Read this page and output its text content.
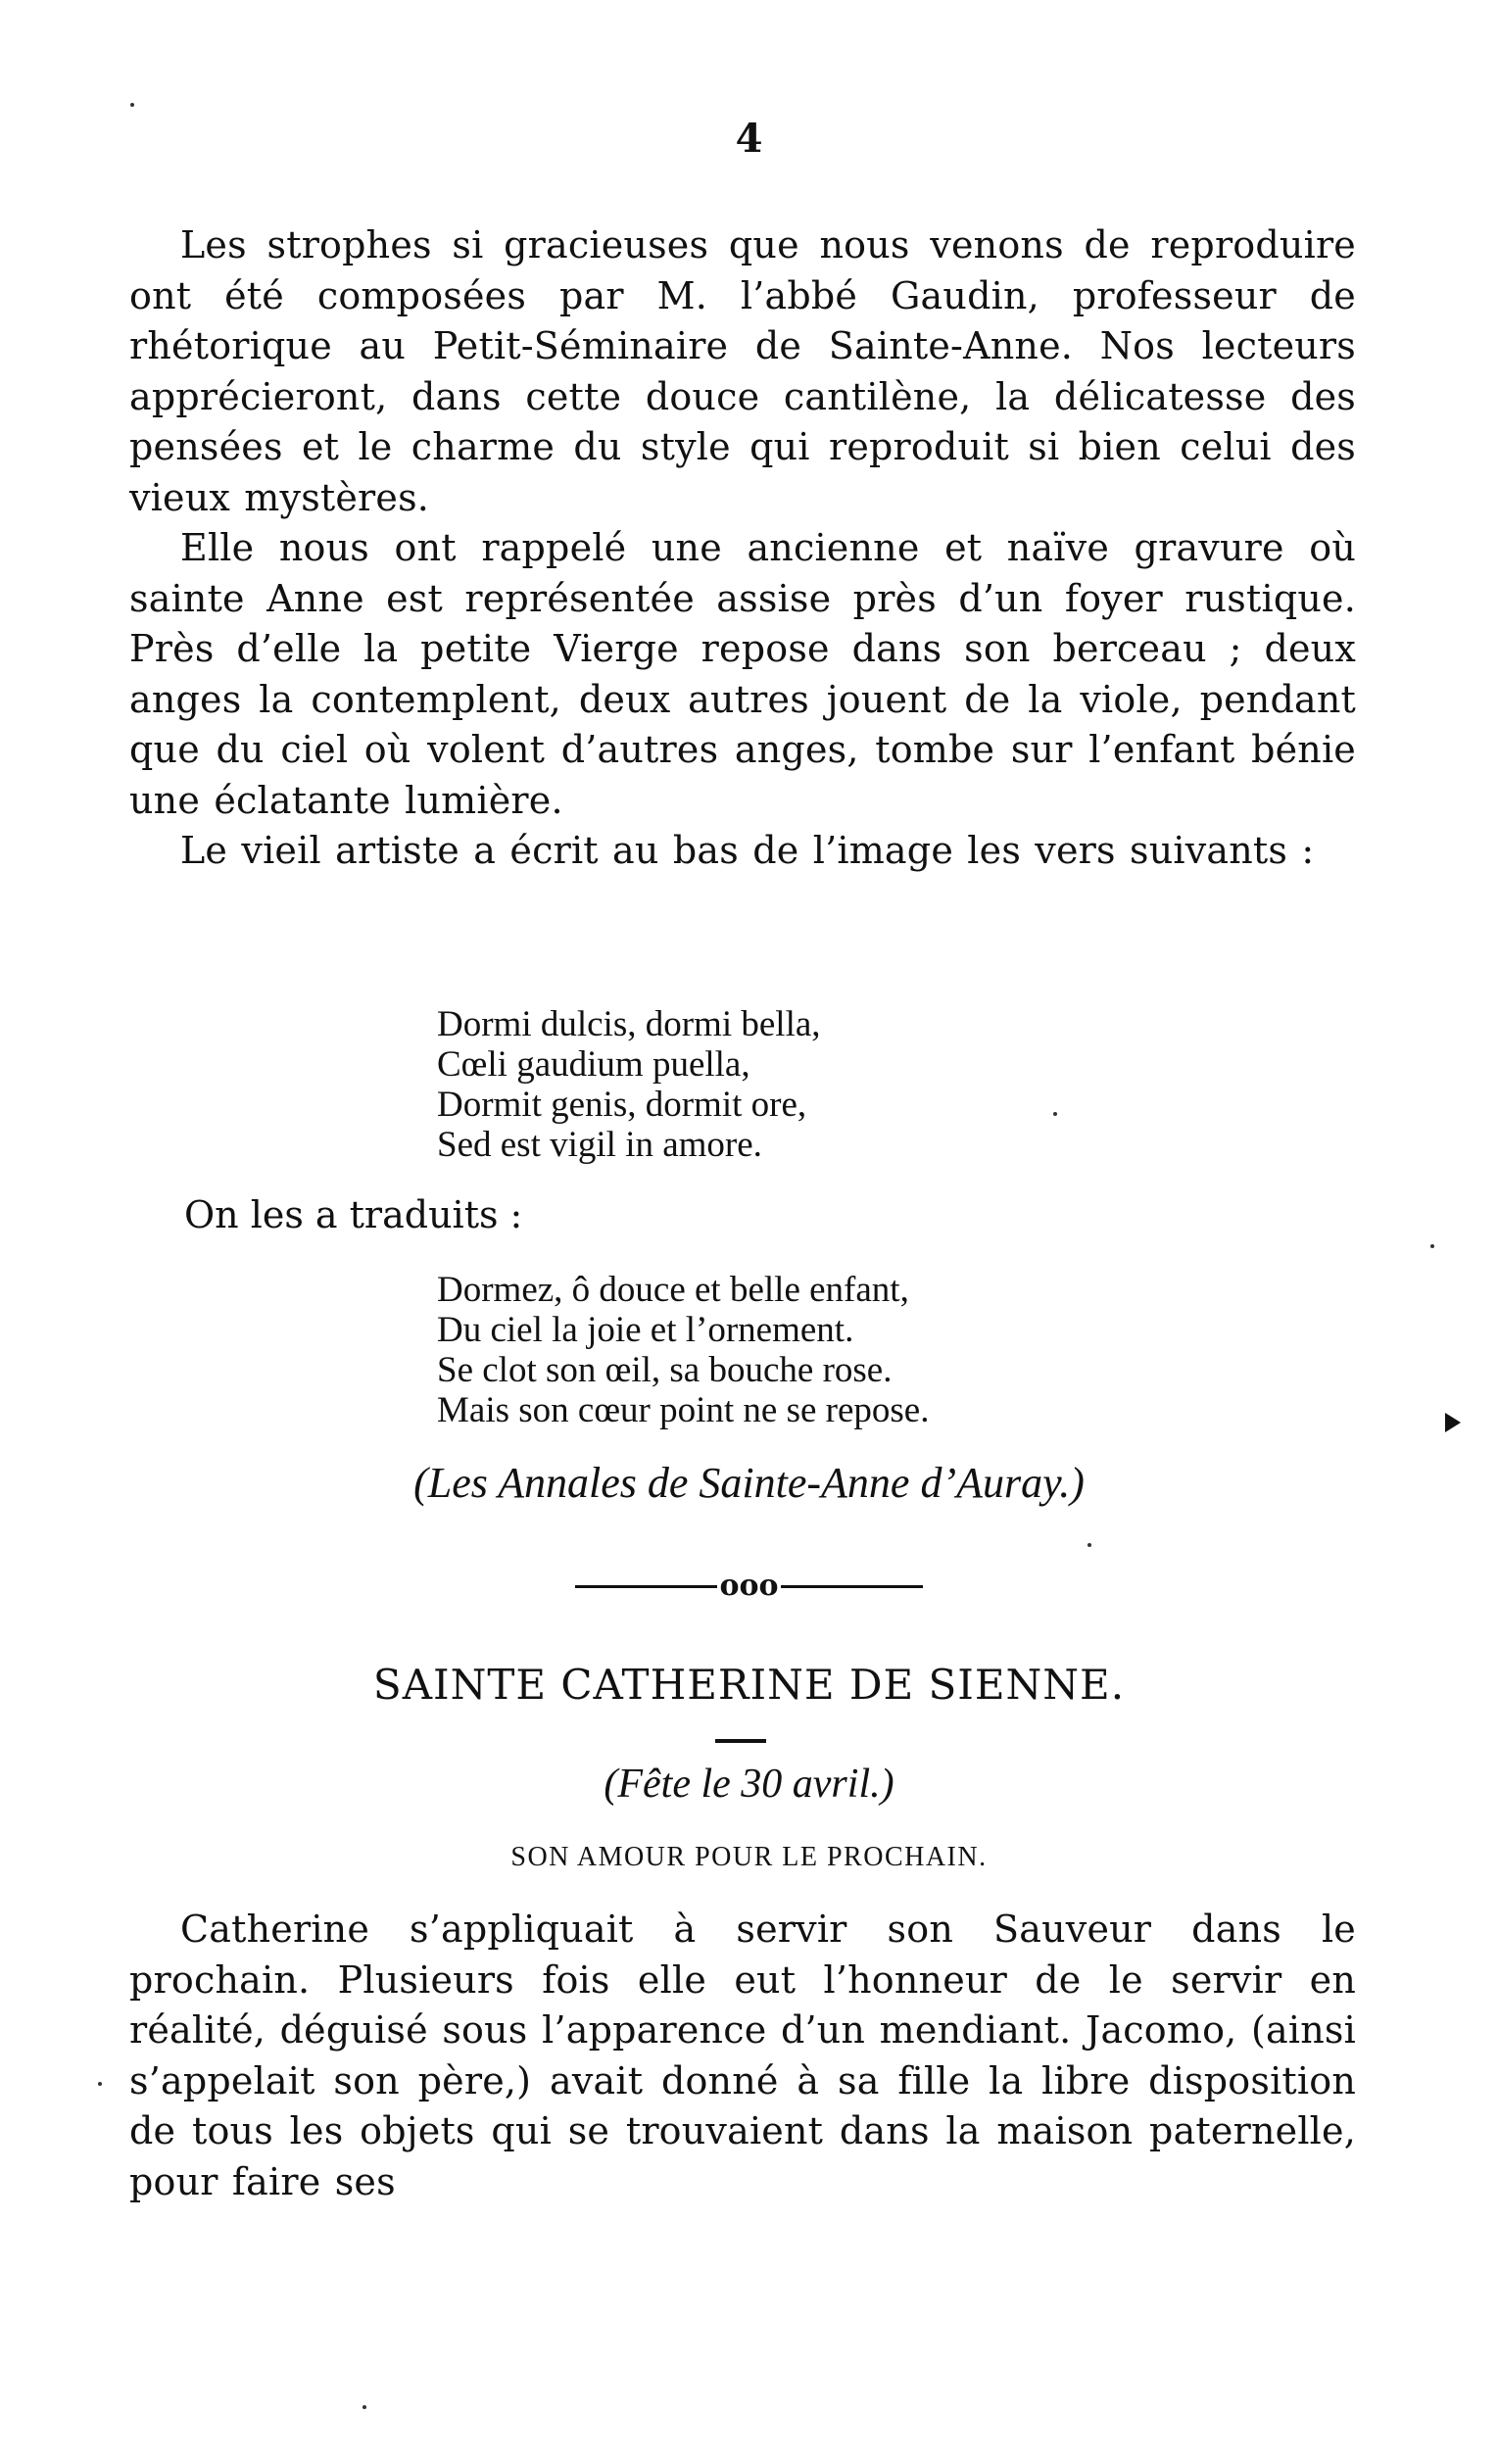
4

Les strophes si gracieuses que nous venons de reproduire ont été composées par M. l’abbé Gaudin, professeur de rhétorique au Petit-Séminaire de Sainte-Anne. Nos lecteurs apprécieront, dans cette douce cantilène, la délicatesse des pensées et le charme du style qui reproduit si bien celui des vieux mystères.

Elle nous ont rappelé une ancienne et naïve gravure où sainte Anne est représentée assise près d’un foyer rustique. Près d’elle la petite Vierge repose dans son berceau ; deux anges la contemplent, deux autres jouent de la viole, pendant que du ciel où volent d’autres anges, tombe sur l’enfant bénie une éclatante lumière.

Le vieil artiste a écrit au bas de l’image les vers suivants :

Dormi dulcis, dormi bella,
Cœli gaudium puella,
Dormit genis, dormit ore,
Sed est vigil in amore.
On les a traduits :
Dormez, ô douce et belle enfant,
Du ciel la joie et l’ornement.
Se clot son œil, sa bouche rose.
Mais son cœur point ne se repose.
(Les Annales de Sainte-Anne d’Auray.)
ooo
SAINTE CATHERINE DE SIENNE.
(Fête le 30 avril.)
SON AMOUR POUR LE PROCHAIN.

Catherine s’appliquait à servir son Sauveur dans le prochain. Plusieurs fois elle eut l’honneur de le servir en réalité, déguisé sous l’apparence d’un mendiant. Jacomo, (ainsi s’appelait son père,) avait donné à sa fille la libre disposition de tous les objets qui se trouvaient dans la maison paternelle, pour faire ses
